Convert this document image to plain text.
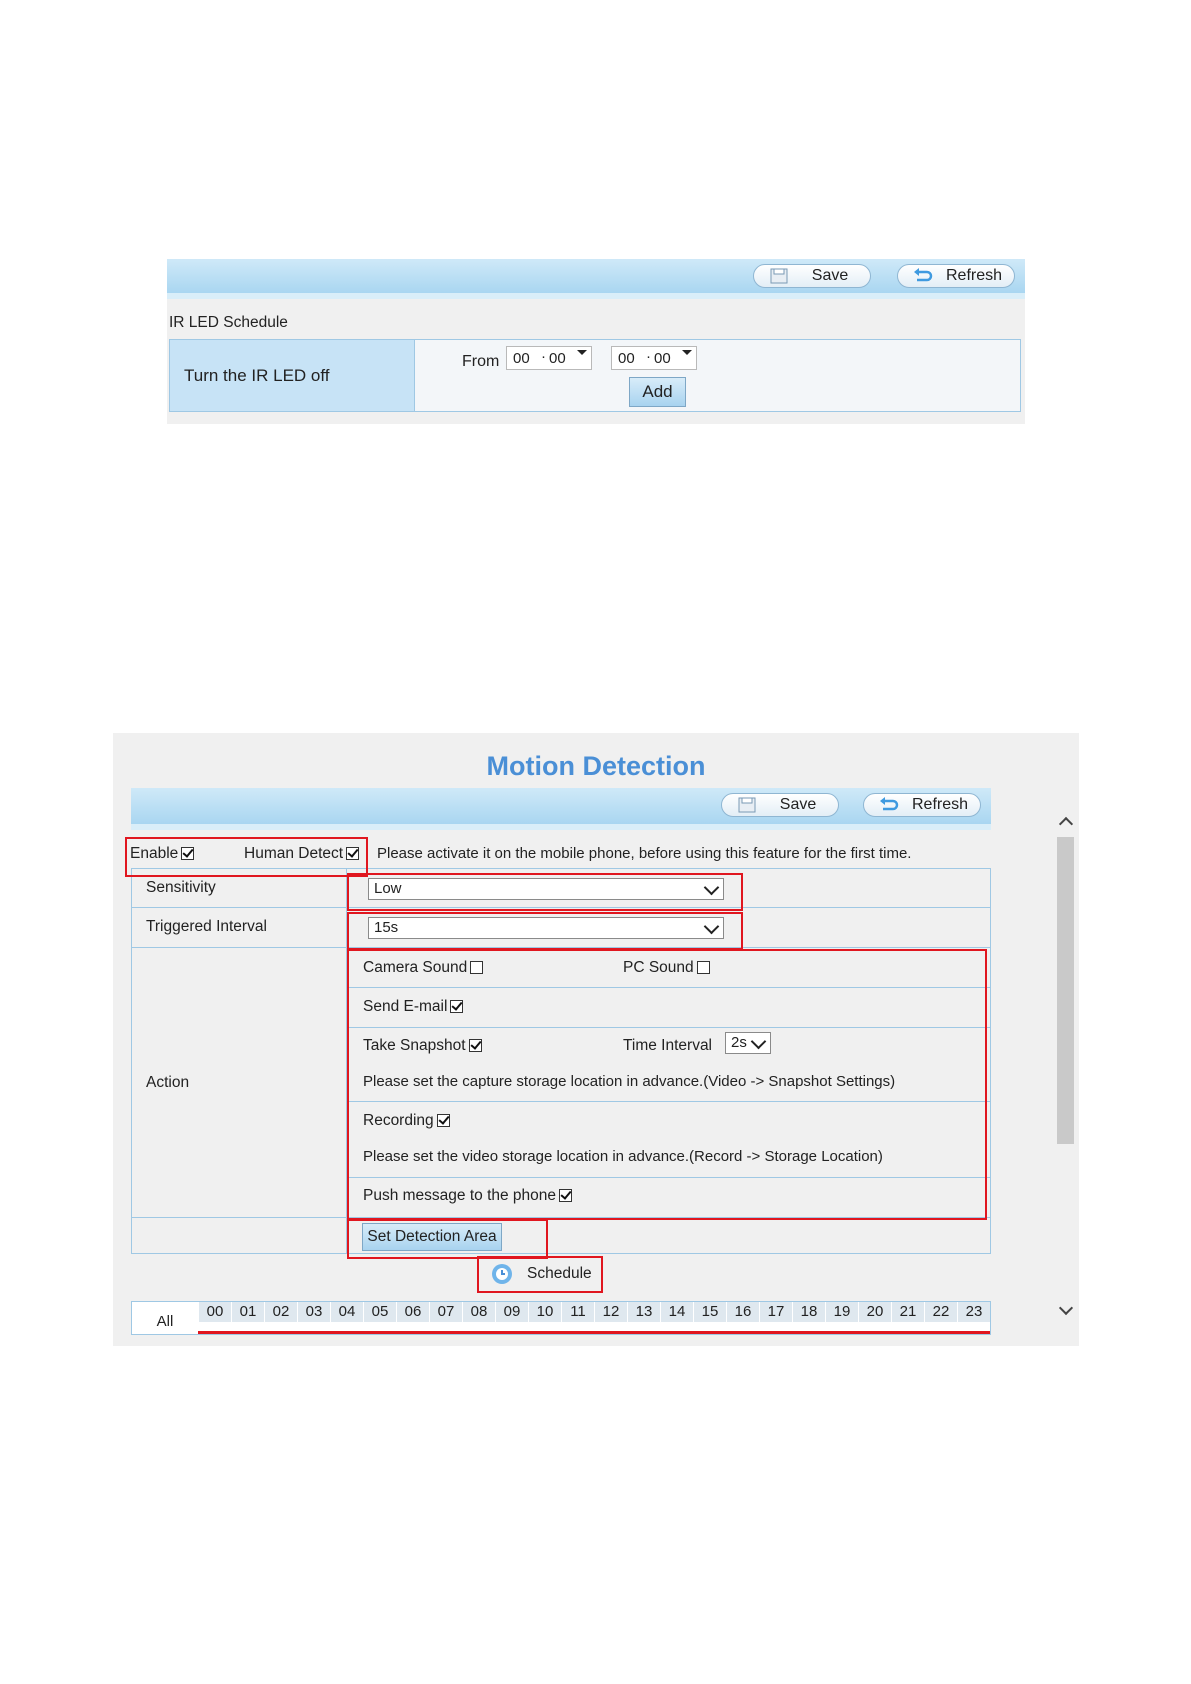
Save	Refresh
IR LED Schedule
Turn the IR LED off
From 00 · 00	00 · 00
Add
Motion Detection
Save	Refresh
Enable	Human Detect	Please activate it on the mobile phone, before using this feature for the first time.
Sensitivity	Low
Triggered Interval	15s
Action
Camera Sound	PC Sound
Send E-mail
Take Snapshot	Time Interval	2s
Please set the capture storage location in advance.(Video -> Snapshot Settings)
Recording
Please set the video storage location in advance.(Record -> Storage Location)
Push message to the phone
Set Detection Area
Schedule
All
00	01	02	03	04	05	06	07	08	09	10	11	12	13	14	15	16	17	18	19	20	21	22	23
